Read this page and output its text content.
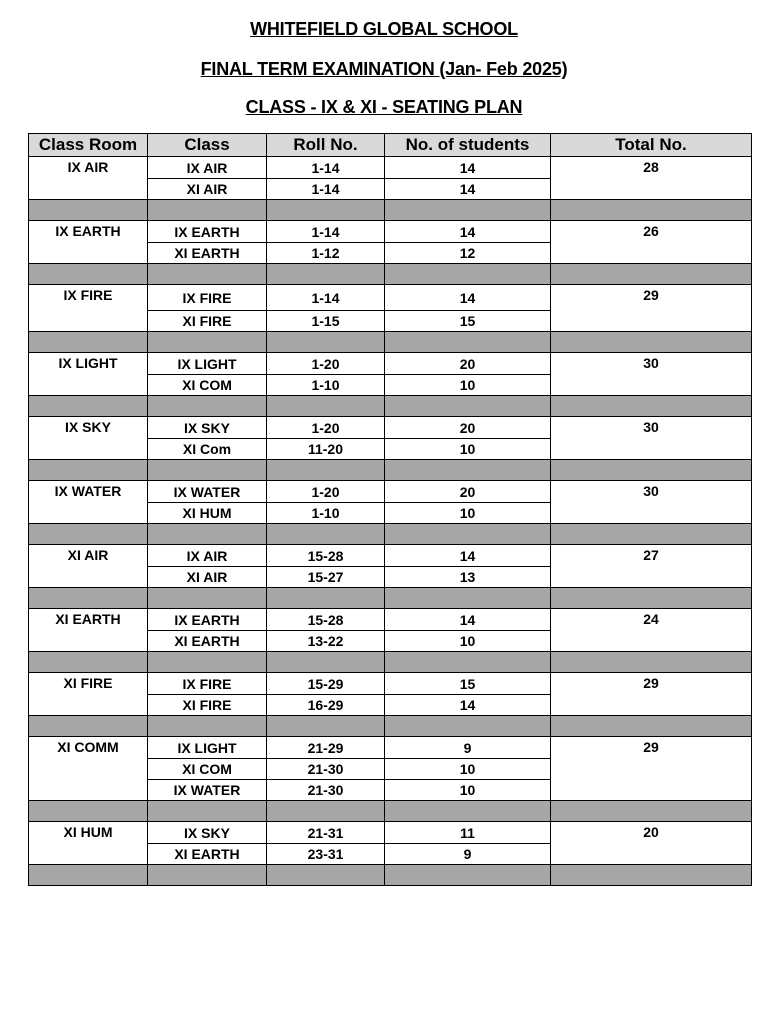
WHITEFIELD GLOBAL SCHOOL
FINAL TERM EXAMINATION (Jan- Feb 2025)
CLASS - IX & XI - SEATING PLAN
Class Room	Class	Roll No.	No. of students	Total No.
IX AIR	IX AIR	1-14	14	28
	XI AIR	1-14	14	

IX EARTH	IX EARTH	1-14	14	26
	XI EARTH	1-12	12	

IX FIRE	IX FIRE	1-14	14	29
	XI FIRE	1-15	15	

IX LIGHT	IX LIGHT	1-20	20	30
	XI COM	1-10	10	

IX SKY	IX SKY	1-20	20	30
	XI Com	11-20	10	

IX WATER	IX WATER	1-20	20	30
	XI HUM	1-10	10	

XI AIR	IX AIR	15-28	14	27
	XI AIR	15-27	13	

XI EARTH	IX EARTH	15-28	14	24
	XI EARTH	13-22	10	

XI FIRE	IX FIRE	15-29	15	29
	XI FIRE	16-29	14	

XI COMM	IX LIGHT	21-29	9	29
	XI COM	21-30	10	
	IX WATER	21-30	10	

XI HUM	IX SKY	21-31	11	20
	XI EARTH	23-31	9	
